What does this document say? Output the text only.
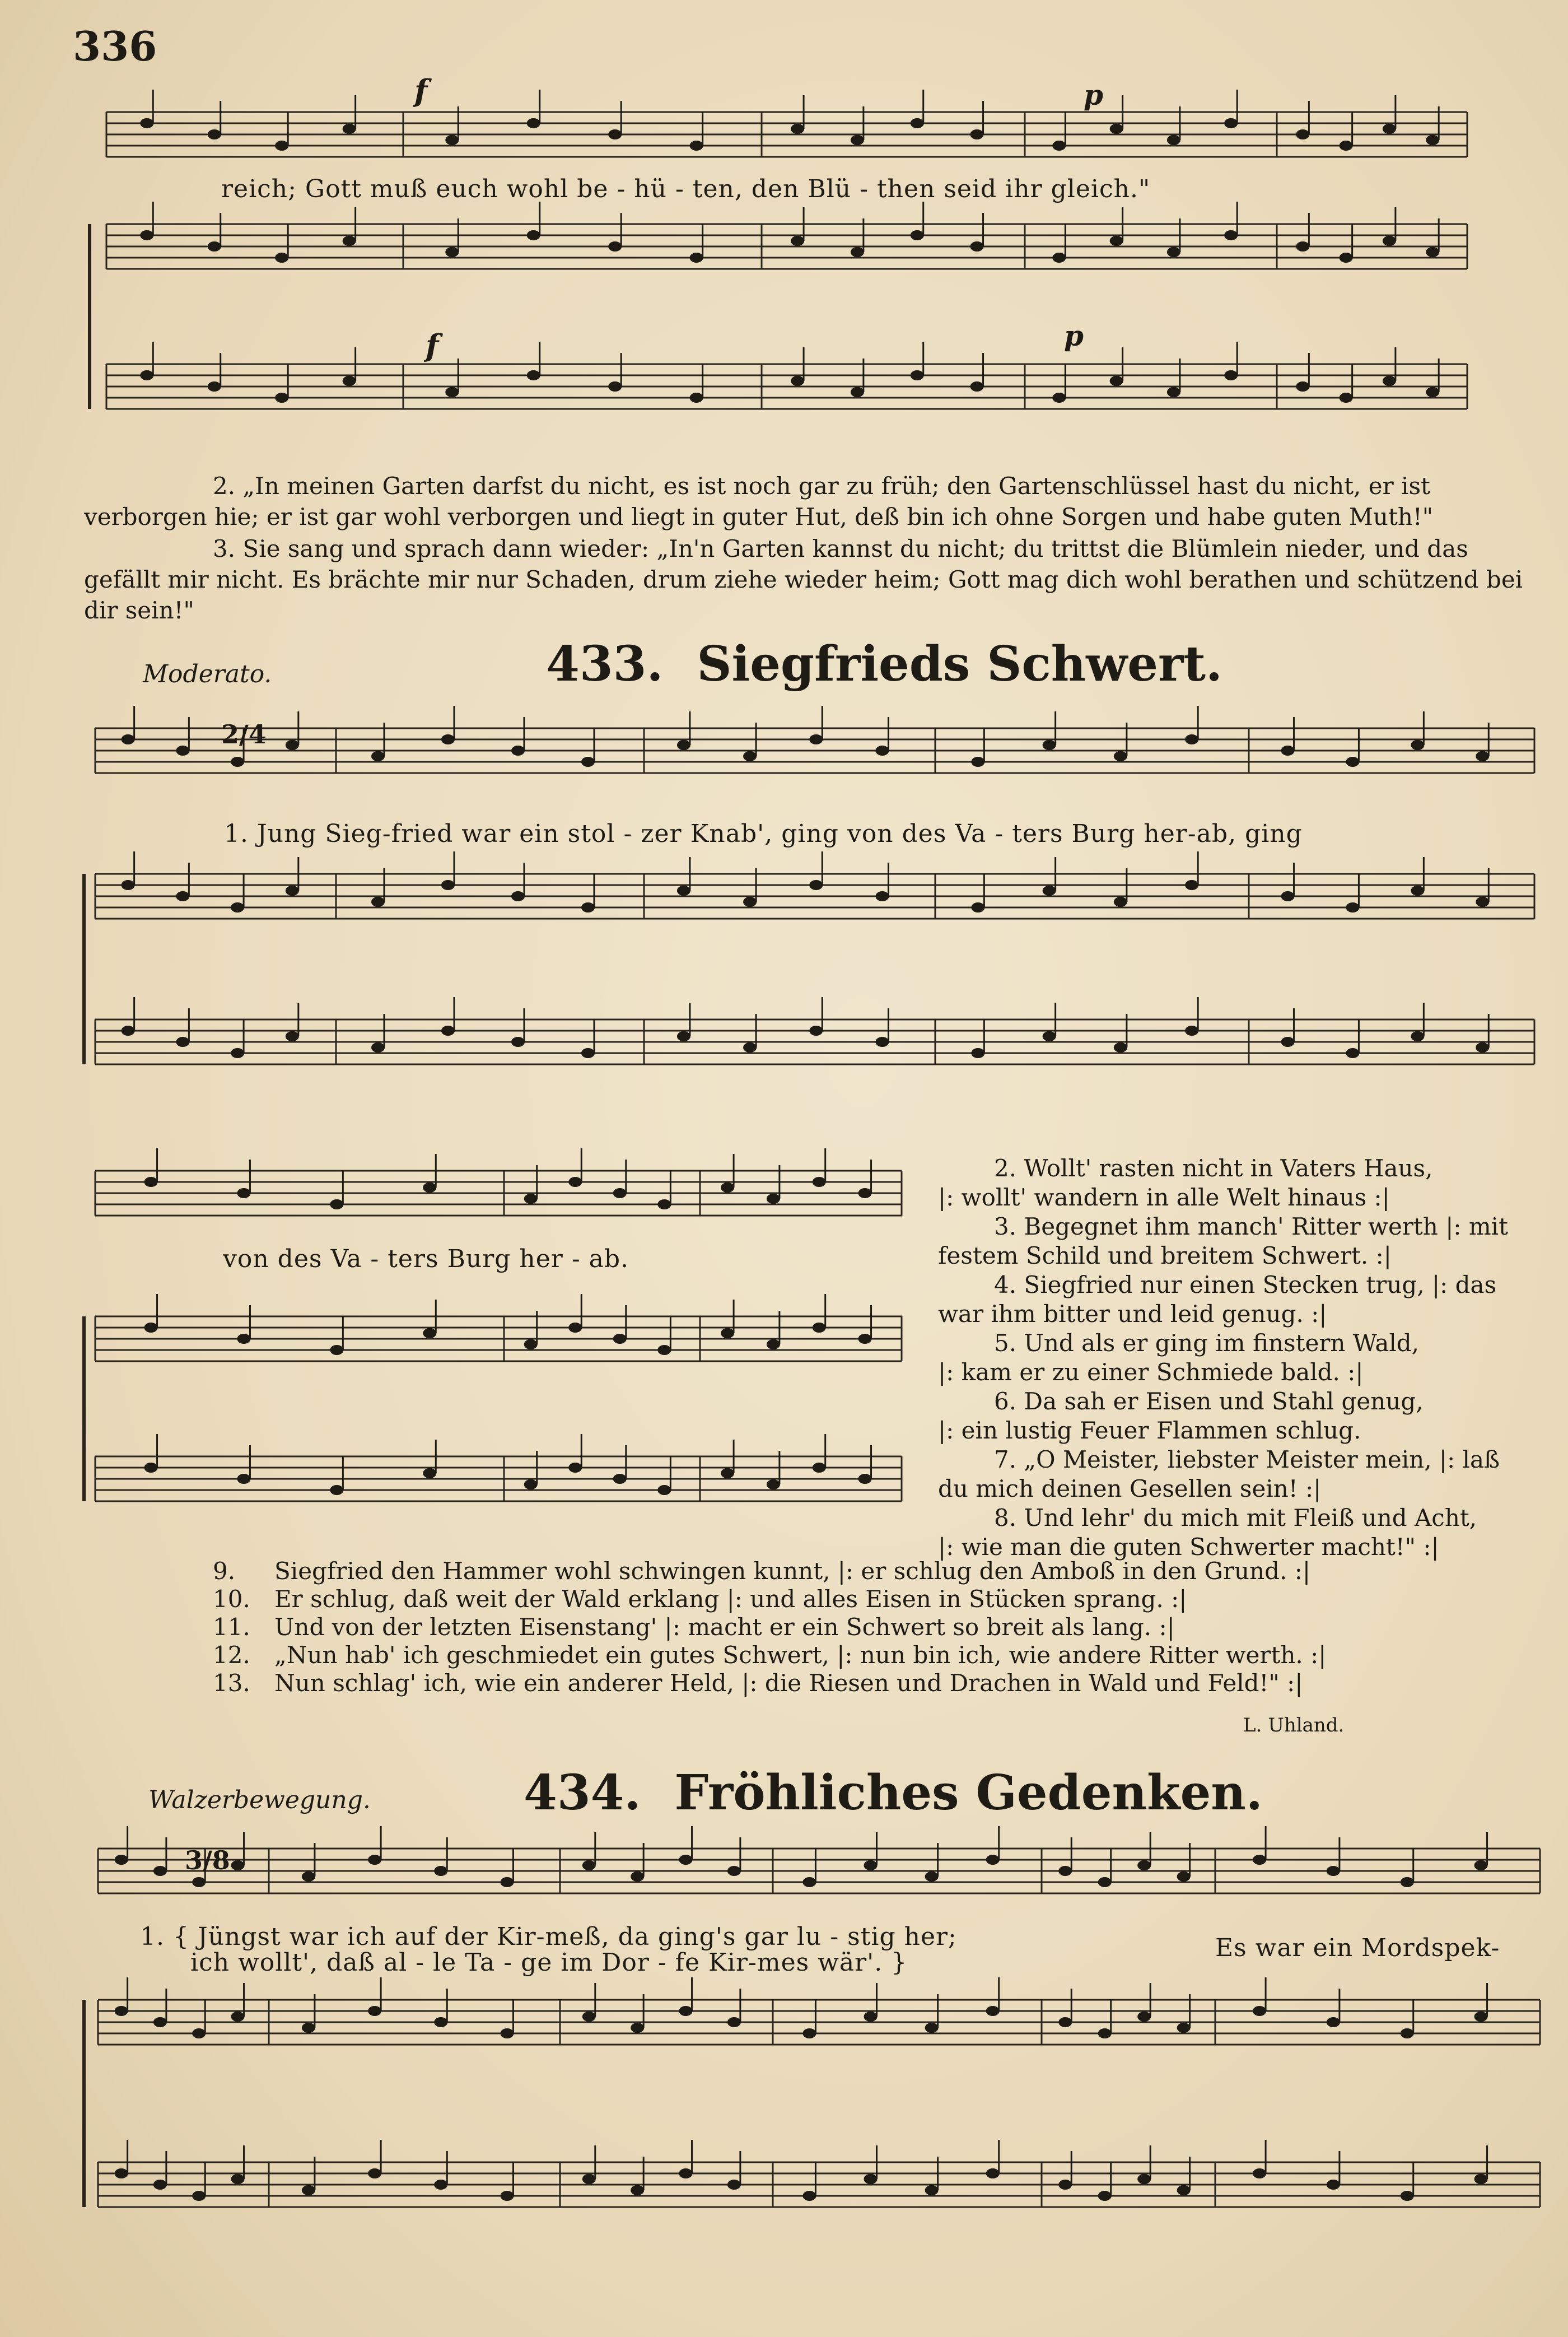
336
reich; Gott muß euch wohl be - hü - ten, den Blü - then seid ihr gleich."
f	p
f	p
2. „In meinen Garten darfst du nicht, es ist noch gar zu früh; den Gartenschlüssel hast du nicht, er ist verborgen hie; er ist gar wohl verborgen und liegt in guter Hut, deß bin ich ohne Sorgen und habe guten Muth!"
3. Sie sang und sprach dann wieder: „In'n Garten kannst du nicht; du trittst die Blümlein nieder, und das gefällt mir nicht. Es brächte mir nur Schaden, drum ziehe wieder heim; Gott mag dich wohl berathen und schützend bei dir sein!"
Moderato.	433. Siegfrieds Schwert.
1. Jung Sieg-fried war ein stol - zer Knab', ging von des Va - ters Burg her-ab, ging
von des Va - ters Burg her - ab.
2. Wollt' rasten nicht in Vaters Haus,
|: wollt' wandern in alle Welt hinaus :|
3. Begegnet ihm manch' Ritter werth |: mit
festem Schild und breitem Schwert. :|
4. Siegfried nur einen Stecken trug, |: das
war ihm bitter und leid genug. :|
5. Und als er ging im finstern Wald,
|: kam er zu einer Schmiede bald. :|
6. Da sah er Eisen und Stahl genug,
|: ein lustig Feuer Flammen schlug.
7. „O Meister, liebster Meister mein, |: laß
du mich deinen Gesellen sein! :|
8. Und lehr' du mich mit Fleiß und Acht,
|: wie man die guten Schwerter macht!" :|
9. Siegfried den Hammer wohl schwingen kunnt, |: er schlug den Amboß in den Grund. :|
10. Er schlug, daß weit der Wald erklang |: und alles Eisen in Stücken sprang. :|
11. Und von der letzten Eisenstang' |: macht er ein Schwert so breit als lang. :|
12. „Nun hab' ich geschmiedet ein gutes Schwert, |: nun bin ich, wie andere Ritter werth. :|
13. Nun schlag' ich, wie ein anderer Held, |: die Riesen und Drachen in Wald und Feld!" :|
L. Uhland.
Walzerbewegung.	434. Fröhliches Gedenken.
1. { Jüngst war ich auf der Kir-meß, da ging's gar lu - stig her;
ich wollt', daß al - le Ta - ge im Dor - fe Kir-mes wär'. }
Es war ein Mordspek-
2/4
3/8
